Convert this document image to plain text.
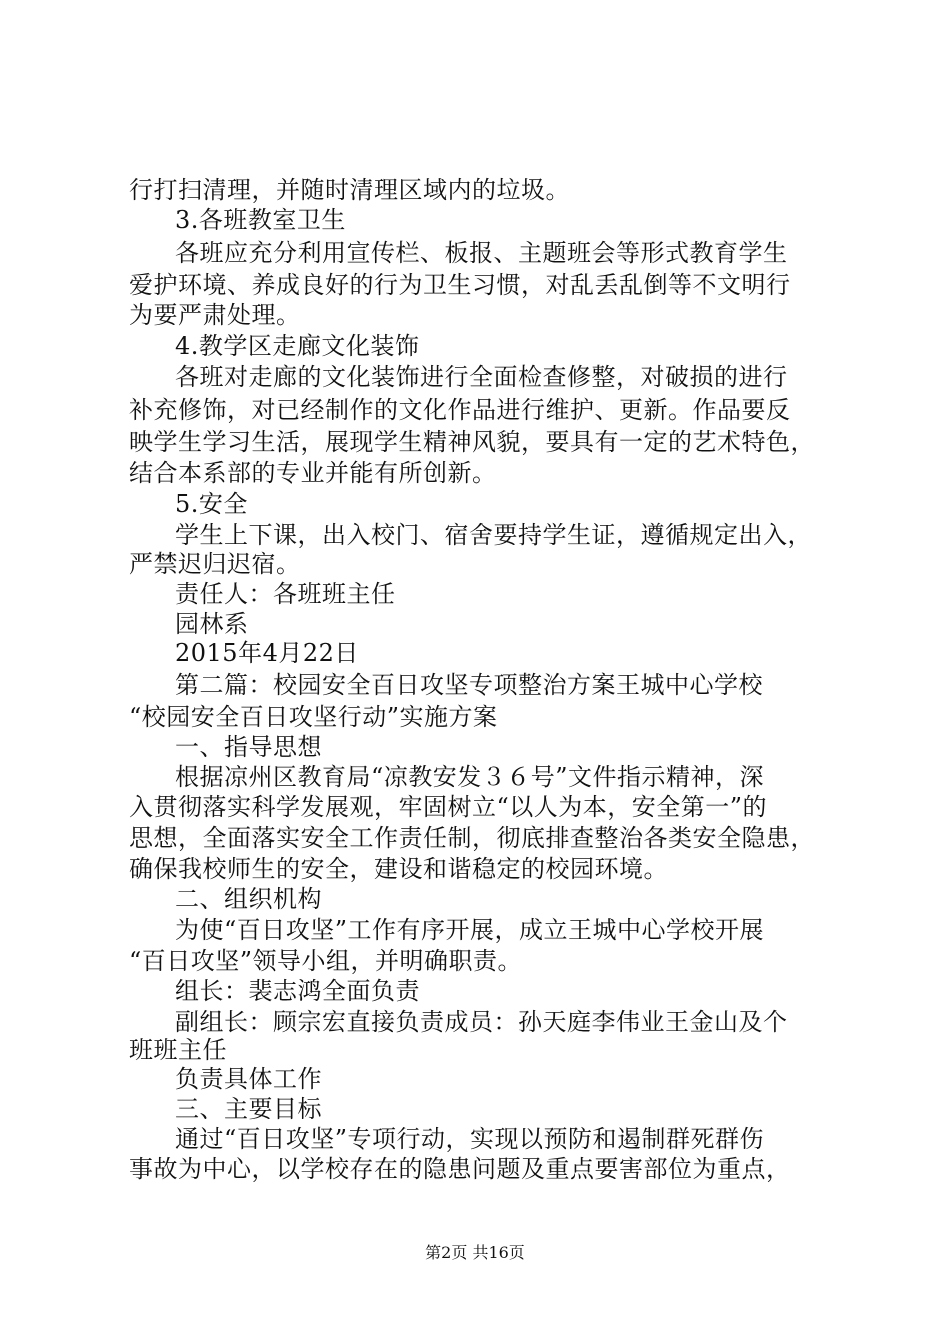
行打扫清理，并随时清理区域内的垃圾。
3.各班教室卫生
各班应充分利用宣传栏、板报、主题班会等形式教育学生
爱护环境、养成良好的行为卫生习惯，对乱丢乱倒等不文明行
为要严肃处理。
4.教学区走廊文化装饰
各班对走廊的文化装饰进行全面检查修整，对破损的进行
补充修饰，对已经制作的文化作品进行维护、更新。作品要反
映学生学习生活，展现学生精神风貌，要具有一定的艺术特色，
结合本系部的专业并能有所创新。
5.安全
学生上下课，出入校门、宿舍要持学生证，遵循规定出入，
严禁迟归迟宿。
责任人：各班班主任
园林系
2015年4月22日
第二篇：校园安全百日攻坚专项整治方案王城中心学校
“校园安全百日攻坚行动”实施方案
一、指导思想
根据凉州区教育局“凉教安发３６号”文件指示精神，深
入贯彻落实科学发展观，牢固树立“以人为本，安全第一”的
思想，全面落实安全工作责任制，彻底排查整治各类安全隐患，
确保我校师生的安全，建设和谐稳定的校园环境。
二、组织机构
为使“百日攻坚”工作有序开展，成立王城中心学校开展
“百日攻坚”领导小组，并明确职责。
组长：裴志鸿全面负责
副组长：顾宗宏直接负责成员：孙天庭李伟业王金山及个
班班主任
负责具体工作
三、主要目标
通过“百日攻坚”专项行动，实现以预防和遏制群死群伤
事故为中心，以学校存在的隐患问题及重点要害部位为重点，
第2页 共16页
